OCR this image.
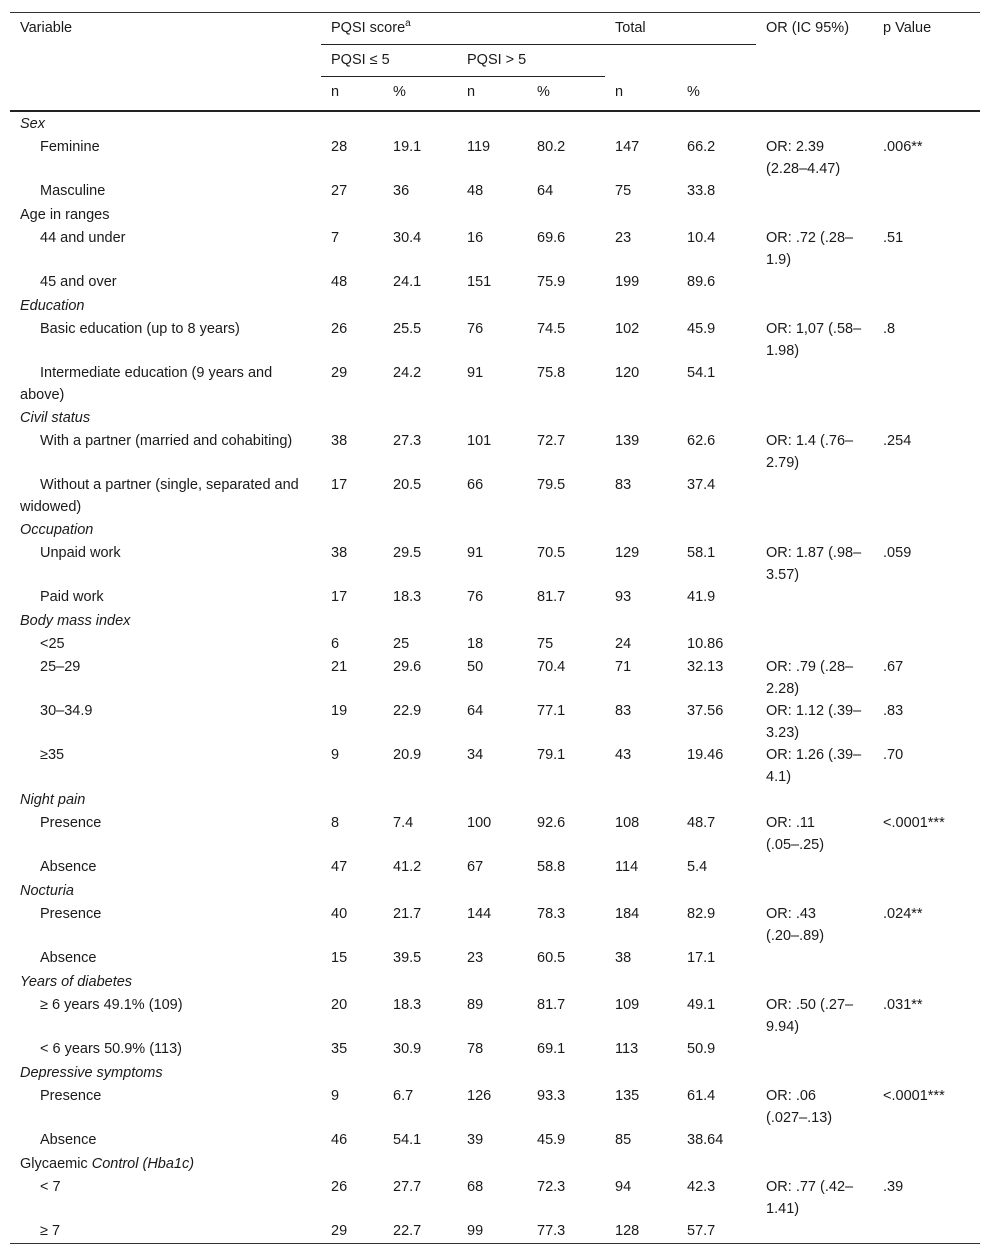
Variable	PQSI score$^a$				Total		OR (IC 95%)	p Value
	PQSI ≤ 5		PQSI > 5					
	n	%	n	%	n	%		
Sex								
Feminine	28	19.1	119	80.2	147	66.2	OR: 2.39 (2.28–4.47)	.006**
Masculine	27	36	48	64	75	33.8		
Age in ranges								
44 and under	7	30.4	16	69.6	23	10.4	OR: .72 (.28–1.9)	.51
45 and over	48	24.1	151	75.9	199	89.6		
Education								
Basic education (up to 8 years)	26	25.5	76	74.5	102	45.9	OR: 1,07 (.58–1.98)	.8
Intermediate education (9 years and above)	29	24.2	91	75.8	120	54.1		
Civil status								
With a partner (married and cohabiting)	38	27.3	101	72.7	139	62.6	OR: 1.4 (.76–2.79)	.254
Without a partner (single, separated and widowed)	17	20.5	66	79.5	83	37.4		
Occupation								
Unpaid work	38	29.5	91	70.5	129	58.1	OR: 1.87 (.98–3.57)	.059
Paid work	17	18.3	76	81.7	93	41.9		
Body mass index								
<25	6	25	18	75	24	10.86		
25–29	21	29.6	50	70.4	71	32.13	OR: .79 (.28–2.28)	.67
30–34.9	19	22.9	64	77.1	83	37.56	OR: 1.12 (.39–3.23)	.83
≥35	9	20.9	34	79.1	43	19.46	OR: 1.26 (.39–4.1)	.70
Night pain								
Presence	8	7.4	100	92.6	108	48.7	OR: .11 (.05–.25)	<.0001***
Absence	47	41.2	67	58.8	114	5.4		
Nocturia								
Presence	40	21.7	144	78.3	184	82.9	OR: .43 (.20–.89)	.024**
Absence	15	39.5	23	60.5	38	17.1		
Years of diabetes								
≥ 6 years 49.1% (109)	20	18.3	89	81.7	109	49.1	OR: .50 (.27–9.94)	.031**
< 6 years 50.9% (113)	35	30.9	78	69.1	113	50.9		
Depressive symptoms								
Presence	9	6.7	126	93.3	135	61.4	OR: .06 (.027–.13)	<.0001***
Absence	46	54.1	39	45.9	85	38.64		
Glycaemic Control (Hba1c)								
< 7	26	27.7	68	72.3	94	42.3	OR: .77 (.42–1.41)	.39
≥ 7	29	22.7	99	77.3	128	57.7		
